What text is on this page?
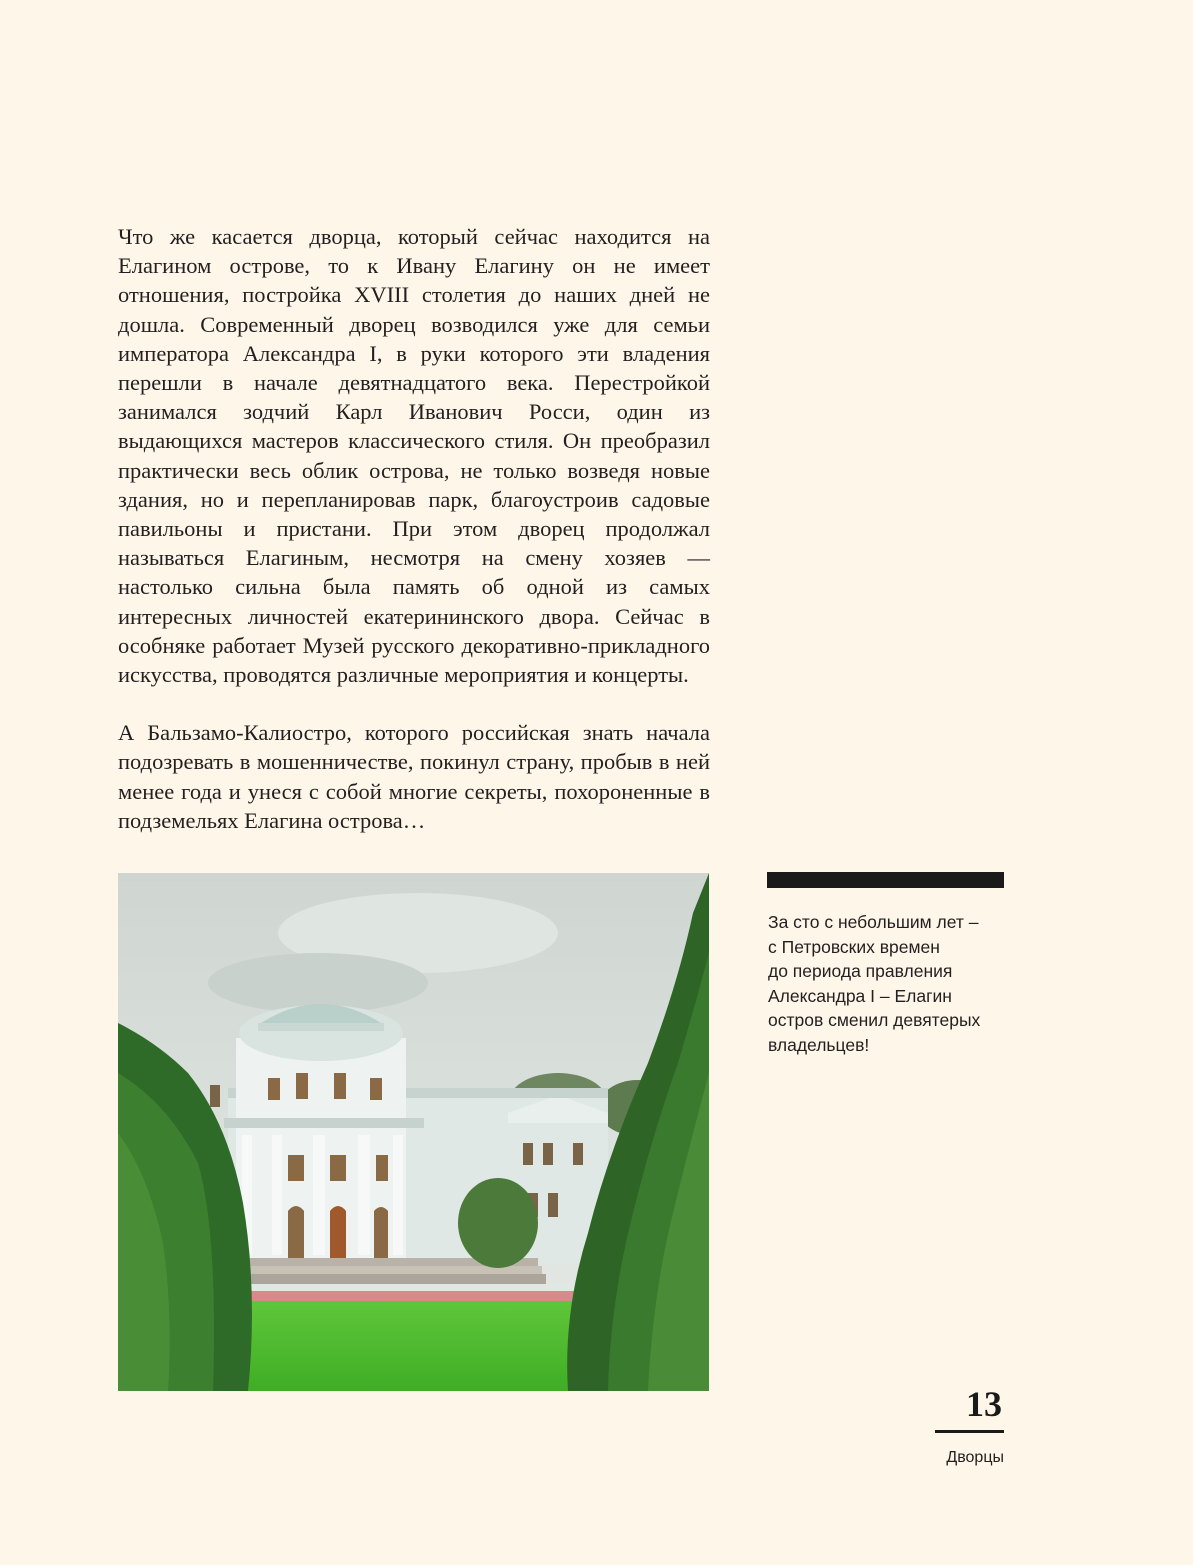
Что же касается дворца, который сейчас находится на Елагином острове, то к Ивану Елагину он не имеет отношения, постройка XVIII столетия до наших дней не дошла. Современный дворец возводился уже для семьи императора Александра I, в руки которого эти владения перешли в начале девятнадцатого века. Перестройкой занимался зодчий Карл Иванович Росси, один из выдающихся мастеров классического стиля. Он преобразил практически весь облик острова, не только возведя новые здания, но и перепланировав парк, благоустроив садовые павильоны и пристани. При этом дворец продолжал называться Елагиным, несмотря на смену хозяев — настолько сильна была память об одной из самых интересных личностей екатерининского двора. Сейчас в особняке работает Музей русского декоративно-прикладного искусства, проводятся различные мероприятия и концерты.

А Бальзамо-Калиостро, которого российская знать начала подозревать в мошенничестве, покинул страну, пробыв в ней менее года и унеся с собой многие секреты, похороненные в подземельях Елагина острова…

За сто с небольшим лет –
с Петровских времен
до периода правления
Александра I – Елагин
остров сменил девятерых
владельцев!

13
Дворцы
